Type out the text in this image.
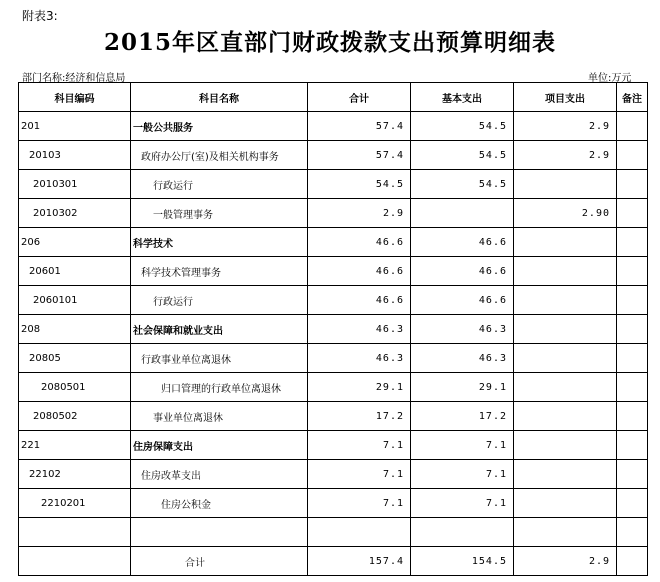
附表3:
2015年区直部门财政拨款支出预算明细表
部门名称:经济和信息局	单位:万元
科目编码	科目名称	合计	基本支出	项目支出	备注
201	一般公共服务	57.4	54.5	2.9	
20103	政府办公厅(室)及相关机构事务	57.4	54.5	2.9	
2010301	行政运行	54.5	54.5		
2010302	一般管理事务	2.9		2.90	
206	科学技术	46.6	46.6		
20601	科学技术管理事务	46.6	46.6		
2060101	行政运行	46.6	46.6		
208	社会保障和就业支出	46.3	46.3		
20805	行政事业单位离退休	46.3	46.3		
2080501	归口管理的行政单位离退休	29.1	29.1		
2080502	事业单位离退休	17.2	17.2		
221	住房保障支出	7.1	7.1		
22102	住房改革支出	7.1	7.1		
2210201	住房公积金	7.1	7.1		

	合计	157.4	154.5	2.9	
